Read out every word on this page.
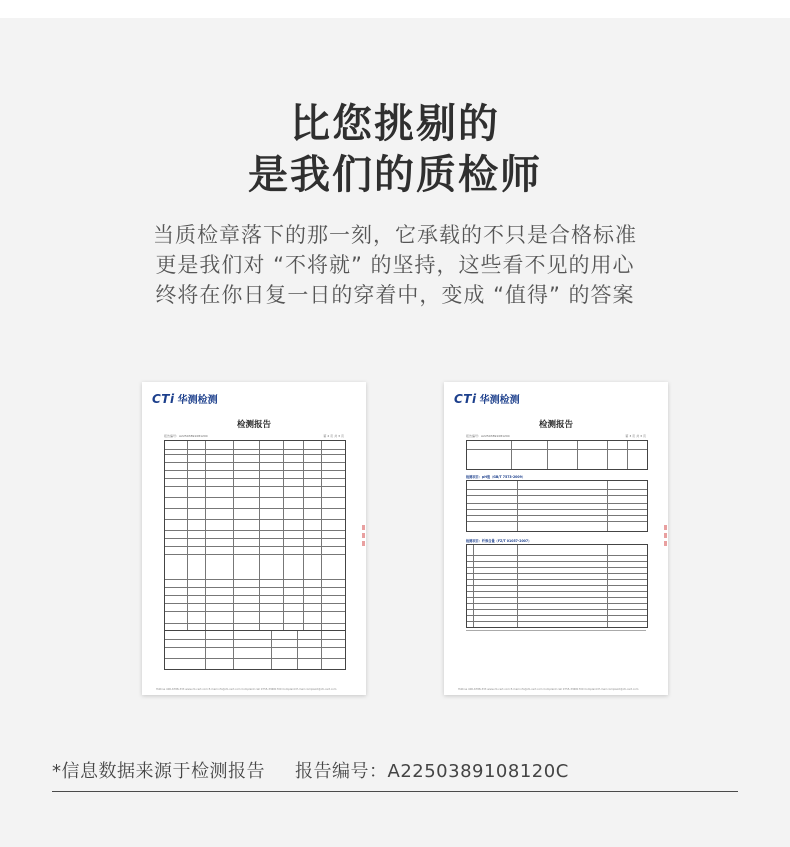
比您挑剔的
是我们的质检师
当质检章落下的那一刻，它承载的不只是合格标准
更是我们对 “不将就” 的坚持，这些看不见的用心
终将在你日复一日的穿着中，变成 “值得” 的答案
CTi 华测检测
检测报告
报告编号：A2250389108120C	第 2 页 共 3 页
Hotline 400-6788-333 www.cti-cert.com E-mail info@cti-cert.com Complaint call 0755-33681700 Complaint E-mail complaint@cti-cert.com
CTi 华测检测
检测报告
报告编号：A2250389108120C	第 3 页 共 3 页
检测项目：pH值（GB/T 7573-2009）
检测项目：纤维含量（FZ/T 01057-2007）
Hotline 400-6788-333 www.cti-cert.com E-mail info@cti-cert.com Complaint call 0755-33681700 Complaint E-mail complaint@cti-cert.com
*信息数据来源于检测报告 报告编号：A2250389108120C
